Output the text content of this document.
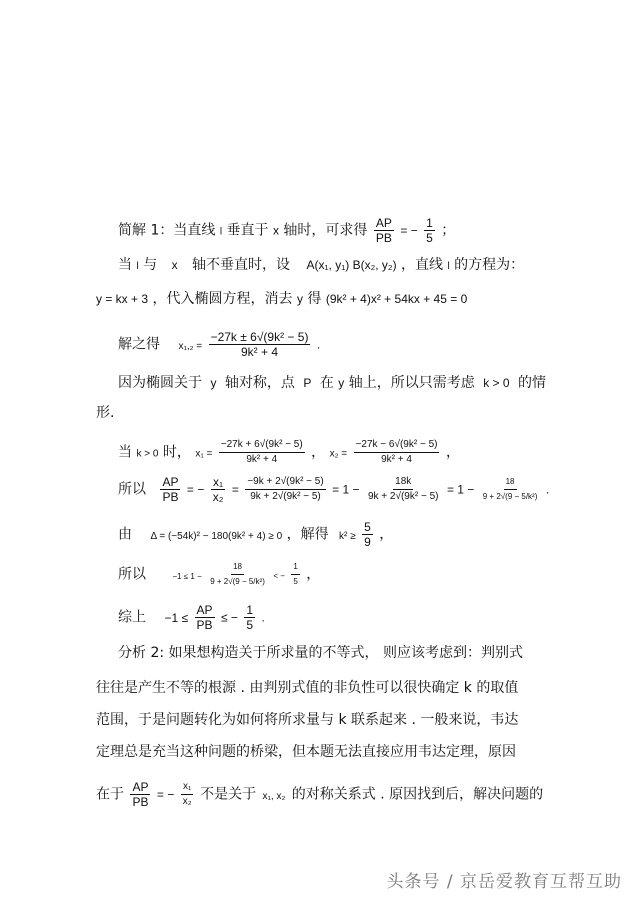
简解 1：当直线 l 垂直于 x 轴时，可求得 $\frac{AP}{PB}$ = − $\frac{1}{5}$ ；
当 l 与 x 轴不垂直时，设 A(x₁, y₁) B(x₂, y₂) ，直线 l 的方程为：
y = kx + 3 ，代入椭圆方程，消去 y 得 (9k² + 4)x² + 54kx + 45 = 0
解之得 $x_1,_2 = \frac{\text{−27k ± 6√(9k² − 5)}}{\text{9k² + 4}}$ .
因为椭圆关于 y 轴对称，点 P 在 y 轴上，所以只需考虑 k > 0 的情
形.
当 k > 0 时， $x_1 = \frac{\text{−27k + 6√(9k² − 5)}}{\text{9k² + 4}}$ ， $x_2 = \frac{\text{−27k − 6√(9k² − 5)}}{\text{9k² + 4}}$ ，
所以 $\frac{AP}{PB}$ = − $\frac{\text{x₁}}{\text{x₂}} = \frac{\text{−9k + 2√(9k² − 5)}}{\text{9k + 2√(9k² − 5)}} = 1 - \frac{18k}{\text{9k + 2√(9k² − 5)}} = 1 - \frac{18}{\text{9 + 2√(9 − 5/k²)}}$ .
由 Δ = (−54k)² − 180(9k² + 4) ≥ 0 ，解得 $k^2 \ge \frac{5}{9}$ ，
所以	$-1 \le 1 - \frac{18}{\text{9 + 2√(9 − 5/k²)}}$ < − $\frac{1}{5}$ ，
综上 $-1 \le \frac{AP}{PB}$ ≤ − $\frac{1}{5}$ .
分析 2: 如果想构造关于所求量的不等式， 则应该考虑到：判别式
往往是产生不等的根源 . 由判别式值的非负性可以很快确定 k 的取值
范围，于是问题转化为如何将所求量与 k 联系起来 . 一般来说，韦达
定理总是充当这种问题的桥梁，但本题无法直接应用韦达定理，原因
在于 $\frac{AP}{PB}$ = − $\frac{\text{x₁}}{\text{x₂}}$ 不是关于 x₁, x₂ 的对称关系式 . 原因找到后，解决问题的
头条号 / 京岳爱教育互帮互助
